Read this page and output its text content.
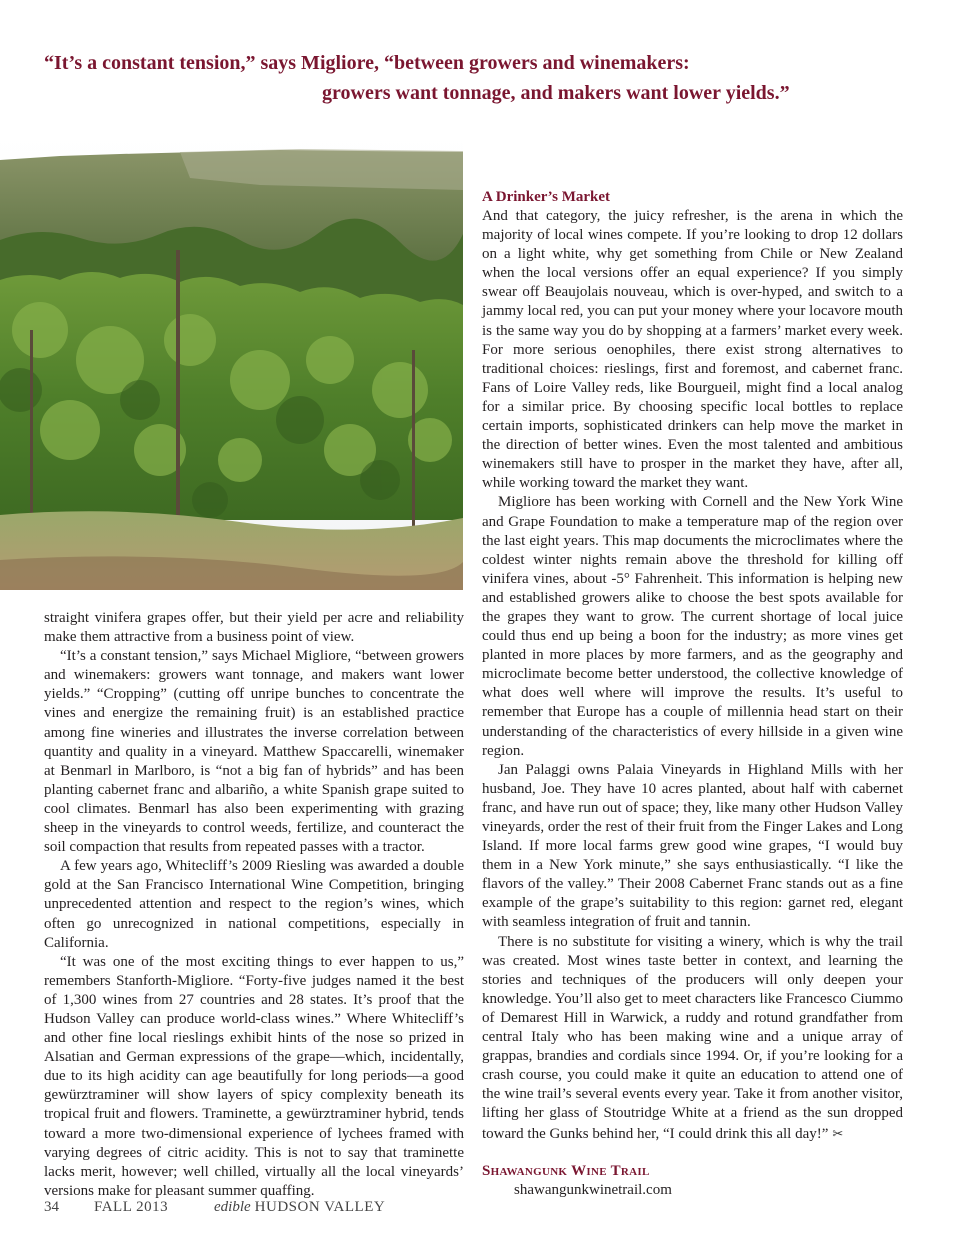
“It’s a constant tension,” says Migliore, “between growers and winemakers:
growers want tonnage, and makers want lower yields.”

straight vinifera grapes offer, but their yield per acre and reliability make them attractive from a business point of view.

“It’s a constant tension,” says Michael Migliore, “between growers and winemakers: growers want tonnage, and makers want lower yields.” “Cropping” (cutting off unripe bunches to concentrate the vines and energize the remaining fruit) is an established practice among fine wineries and illustrates the inverse correlation between quantity and quality in a vineyard. Matthew Spaccarelli, winemaker at Benmarl in Marlboro, is “not a big fan of hybrids” and has been planting cabernet franc and albariño, a white Spanish grape suited to cool climates. Benmarl has also been experimenting with grazing sheep in the vineyards to control weeds, fertilize, and counteract the soil compaction that results from repeated passes with a tractor.

A few years ago, Whitecliff’s 2009 Riesling was awarded a double gold at the San Francisco International Wine Competition, bringing unprecedented attention and respect to the region’s wines, which often go unrecognized in national competitions, especially in California.

“It was one of the most exciting things to ever happen to us,” remembers Stanforth-Migliore. “Forty-five judges named it the best of 1,300 wines from 27 countries and 28 states. It’s proof that the Hudson Valley can produce world-class wines.” Where Whitecliff’s and other fine local rieslings exhibit hints of the nose so prized in Alsatian and German expressions of the grape—which, incidentally, due to its high acidity can age beautifully for long periods—a good gewürztraminer will show layers of spicy complexity beneath its tropical fruit and flowers. Traminette, a gewürztraminer hybrid, tends toward a more two-dimensional experience of lychees framed with varying degrees of citric acidity. This is not to say that traminette lacks merit, however; well chilled, virtually all the local vineyards’ versions make for pleasant summer quaffing.

A Drinker’s Market

And that category, the juicy refresher, is the arena in which the majority of local wines compete. If you’re looking to drop 12 dollars on a light white, why get something from Chile or New Zealand when the local versions offer an equal experience? If you simply swear off Beaujolais nouveau, which is over-hyped, and switch to a jammy local red, you can put your money where your locavore mouth is the same way you do by shopping at a farmers’ market every week. For more serious oenophiles, there exist strong alternatives to traditional choices: rieslings, first and foremost, and cabernet franc. Fans of Loire Valley reds, like Bourgueil, might find a local analog for a similar price. By choosing specific local bottles to replace certain imports, sophisticated drinkers can help move the market in the direction of better wines. Even the most talented and ambitious winemakers still have to prosper in the market they have, after all, while working toward the market they want.

Migliore has been working with Cornell and the New York Wine and Grape Foundation to make a temperature map of the region over the last eight years. This map documents the microclimates where the coldest winter nights remain above the threshold for killing off vinifera vines, about -5° Fahrenheit. This information is helping new and established growers alike to choose the best spots available for the grapes they want to grow. The current shortage of local juice could thus end up being a boon for the industry; as more vines get planted in more places by more farmers, and as the geography and microclimate become better understood, the collective knowledge of what does well where will improve the results. It’s useful to remember that Europe has a couple of millennia head start on their understanding of the characteristics of every hillside in a given wine region.

Jan Palaggi owns Palaia Vineyards in Highland Mills with her husband, Joe. They have 10 acres planted, about half with cabernet franc, and have run out of space; they, like many other Hudson Valley vineyards, order the rest of their fruit from the Finger Lakes and Long Island. If more local farms grew good wine grapes, “I would buy them in a New York minute,” she says enthusiastically. “I like the flavors of the valley.” Their 2008 Cabernet Franc stands out as a fine example of the grape’s suitability to this region: garnet red, elegant with seamless integration of fruit and tannin.

There is no substitute for visiting a winery, which is why the trail was created. Most wines taste better in context, and learning the stories and techniques of the producers will only deepen your knowledge. You’ll also get to meet characters like Francesco Ciummo of Demarest Hill in Warwick, a ruddy and rotund grandfather from central Italy who has been making wine and a unique array of grappas, brandies and cordials since 1994. Or, if you’re looking for a crash course, you could make it quite an education to attend one of the wine trail’s several events every year. Take it from another visitor, lifting her glass of Stoutridge White at a friend as the sun dropped toward the Gunks behind her, “I could drink this all day!” ✂

Shawangunk Wine Trail

shawangunkwinetrail.com

34 FALL 2013	edible HUDSON VALLEY
